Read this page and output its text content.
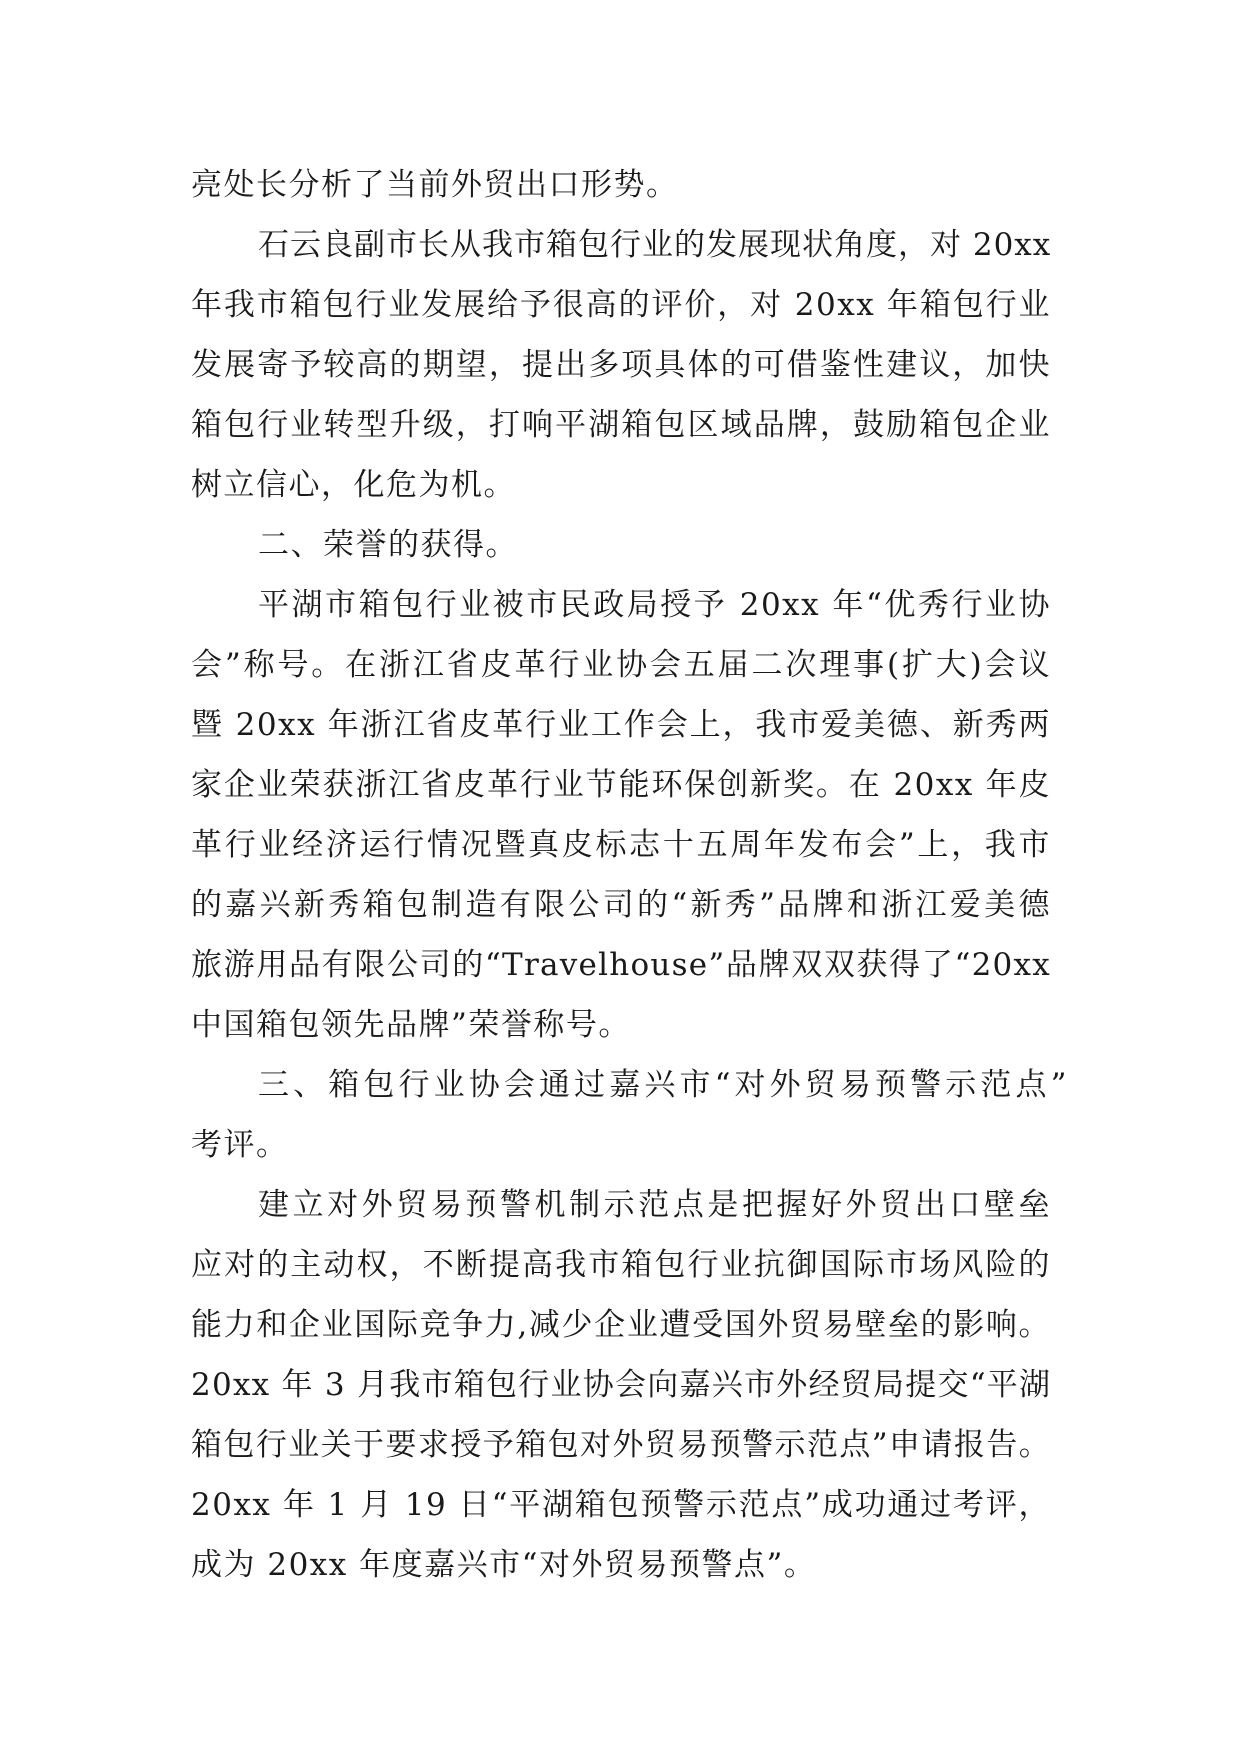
亮处长分析了当前外贸出口形势。
石云良副市长从我市箱包行业的发展现状角度，对 20xx
年我市箱包行业发展给予很高的评价，对 20xx 年箱包行业
发展寄予较高的期望，提出多项具体的可借鉴性建议，加快
箱包行业转型升级，打响平湖箱包区域品牌，鼓励箱包企业
树立信心，化危为机。
二、荣誉的获得。
平湖市箱包行业被市民政局授予 20xx 年“优秀行业协
会”称号。在浙江省皮革行业协会五届二次理事(扩大)会议
暨 20xx 年浙江省皮革行业工作会上，我市爱美德、新秀两
家企业荣获浙江省皮革行业节能环保创新奖。在 20xx 年皮
革行业经济运行情况暨真皮标志十五周年发布会”上，我市
的嘉兴新秀箱包制造有限公司的“新秀”品牌和浙江爱美德
旅游用品有限公司的“Travelhouse”品牌双双获得了“20xx
中国箱包领先品牌”荣誉称号。
三、箱包行业协会通过嘉兴市“对外贸易预警示范点”
考评。
建立对外贸易预警机制示范点是把握好外贸出口壁垒
应对的主动权，不断提高我市箱包行业抗御国际市场风险的
能力和企业国际竞争力,减少企业遭受国外贸易壁垒的影响。
20xx 年 3 月我市箱包行业协会向嘉兴市外经贸局提交“平湖
箱包行业关于要求授予箱包对外贸易预警示范点”申请报告。
20xx 年 1 月 19 日“平湖箱包预警示范点”成功通过考评，
成为 20xx 年度嘉兴市“对外贸易预警点”。
